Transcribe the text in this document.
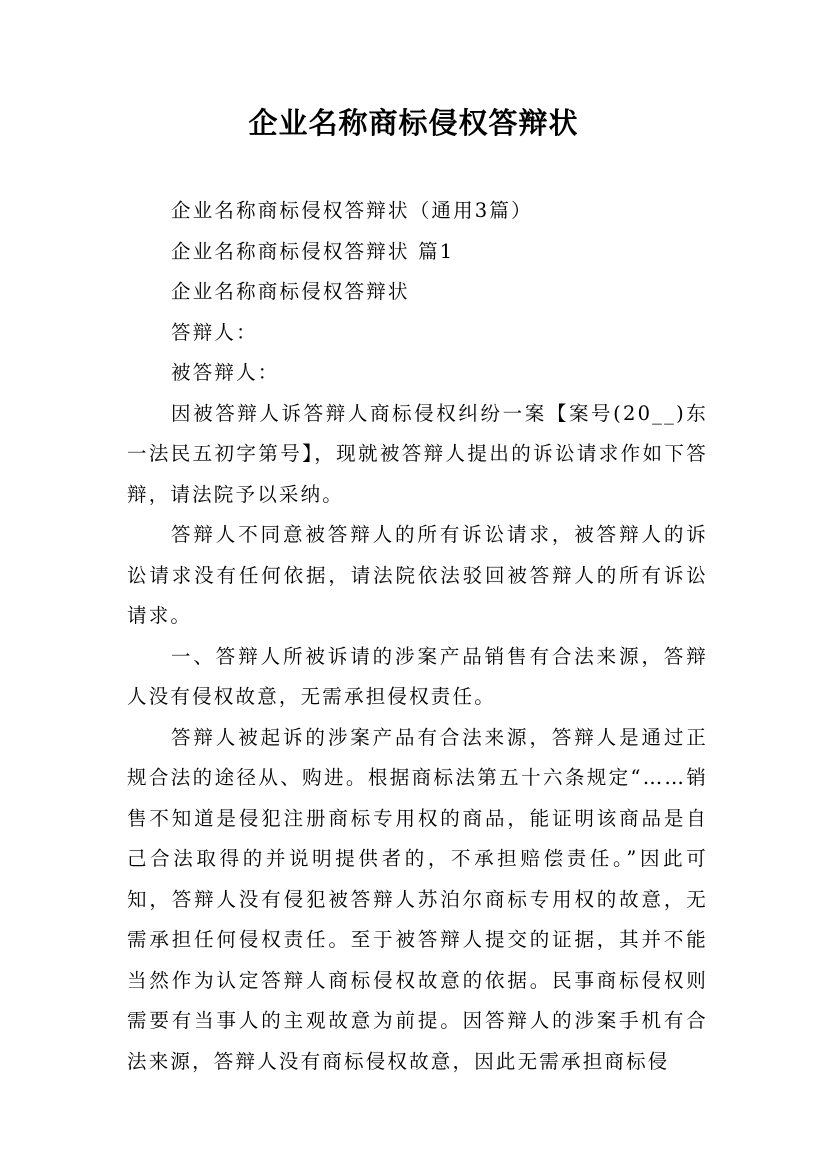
企业名称商标侵权答辩状

企业名称商标侵权答辩状（通用3篇）

企业名称商标侵权答辩状 篇1

企业名称商标侵权答辩状

答辩人：

被答辩人：

因被答辩人诉答辩人商标侵权纠纷一案【案号(20__)东一法民五初字第号】，现就被答辩人提出的诉讼请求作如下答辩，请法院予以采纳。

答辩人不同意被答辩人的所有诉讼请求，被答辩人的诉讼请求没有任何依据，请法院依法驳回被答辩人的所有诉讼请求。

一、答辩人所被诉请的涉案产品销售有合法来源，答辩人没有侵权故意，无需承担侵权责任。

答辩人被起诉的涉案产品有合法来源，答辩人是通过正规合法的途径从、购进。根据商标法第五十六条规定“……销售不知道是侵犯注册商标专用权的商品，能证明该商品是自己合法取得的并说明提供者的，不承担赔偿责任。”因此可知，答辩人没有侵犯被答辩人苏泊尔商标专用权的故意，无需承担任何侵权责任。至于被答辩人提交的证据，其并不能当然作为认定答辩人商标侵权故意的依据。民事商标侵权则需要有当事人的主观故意为前提。因答辩人的涉案手机有合法来源，答辩人没有商标侵权故意，因此无需承担商标侵
